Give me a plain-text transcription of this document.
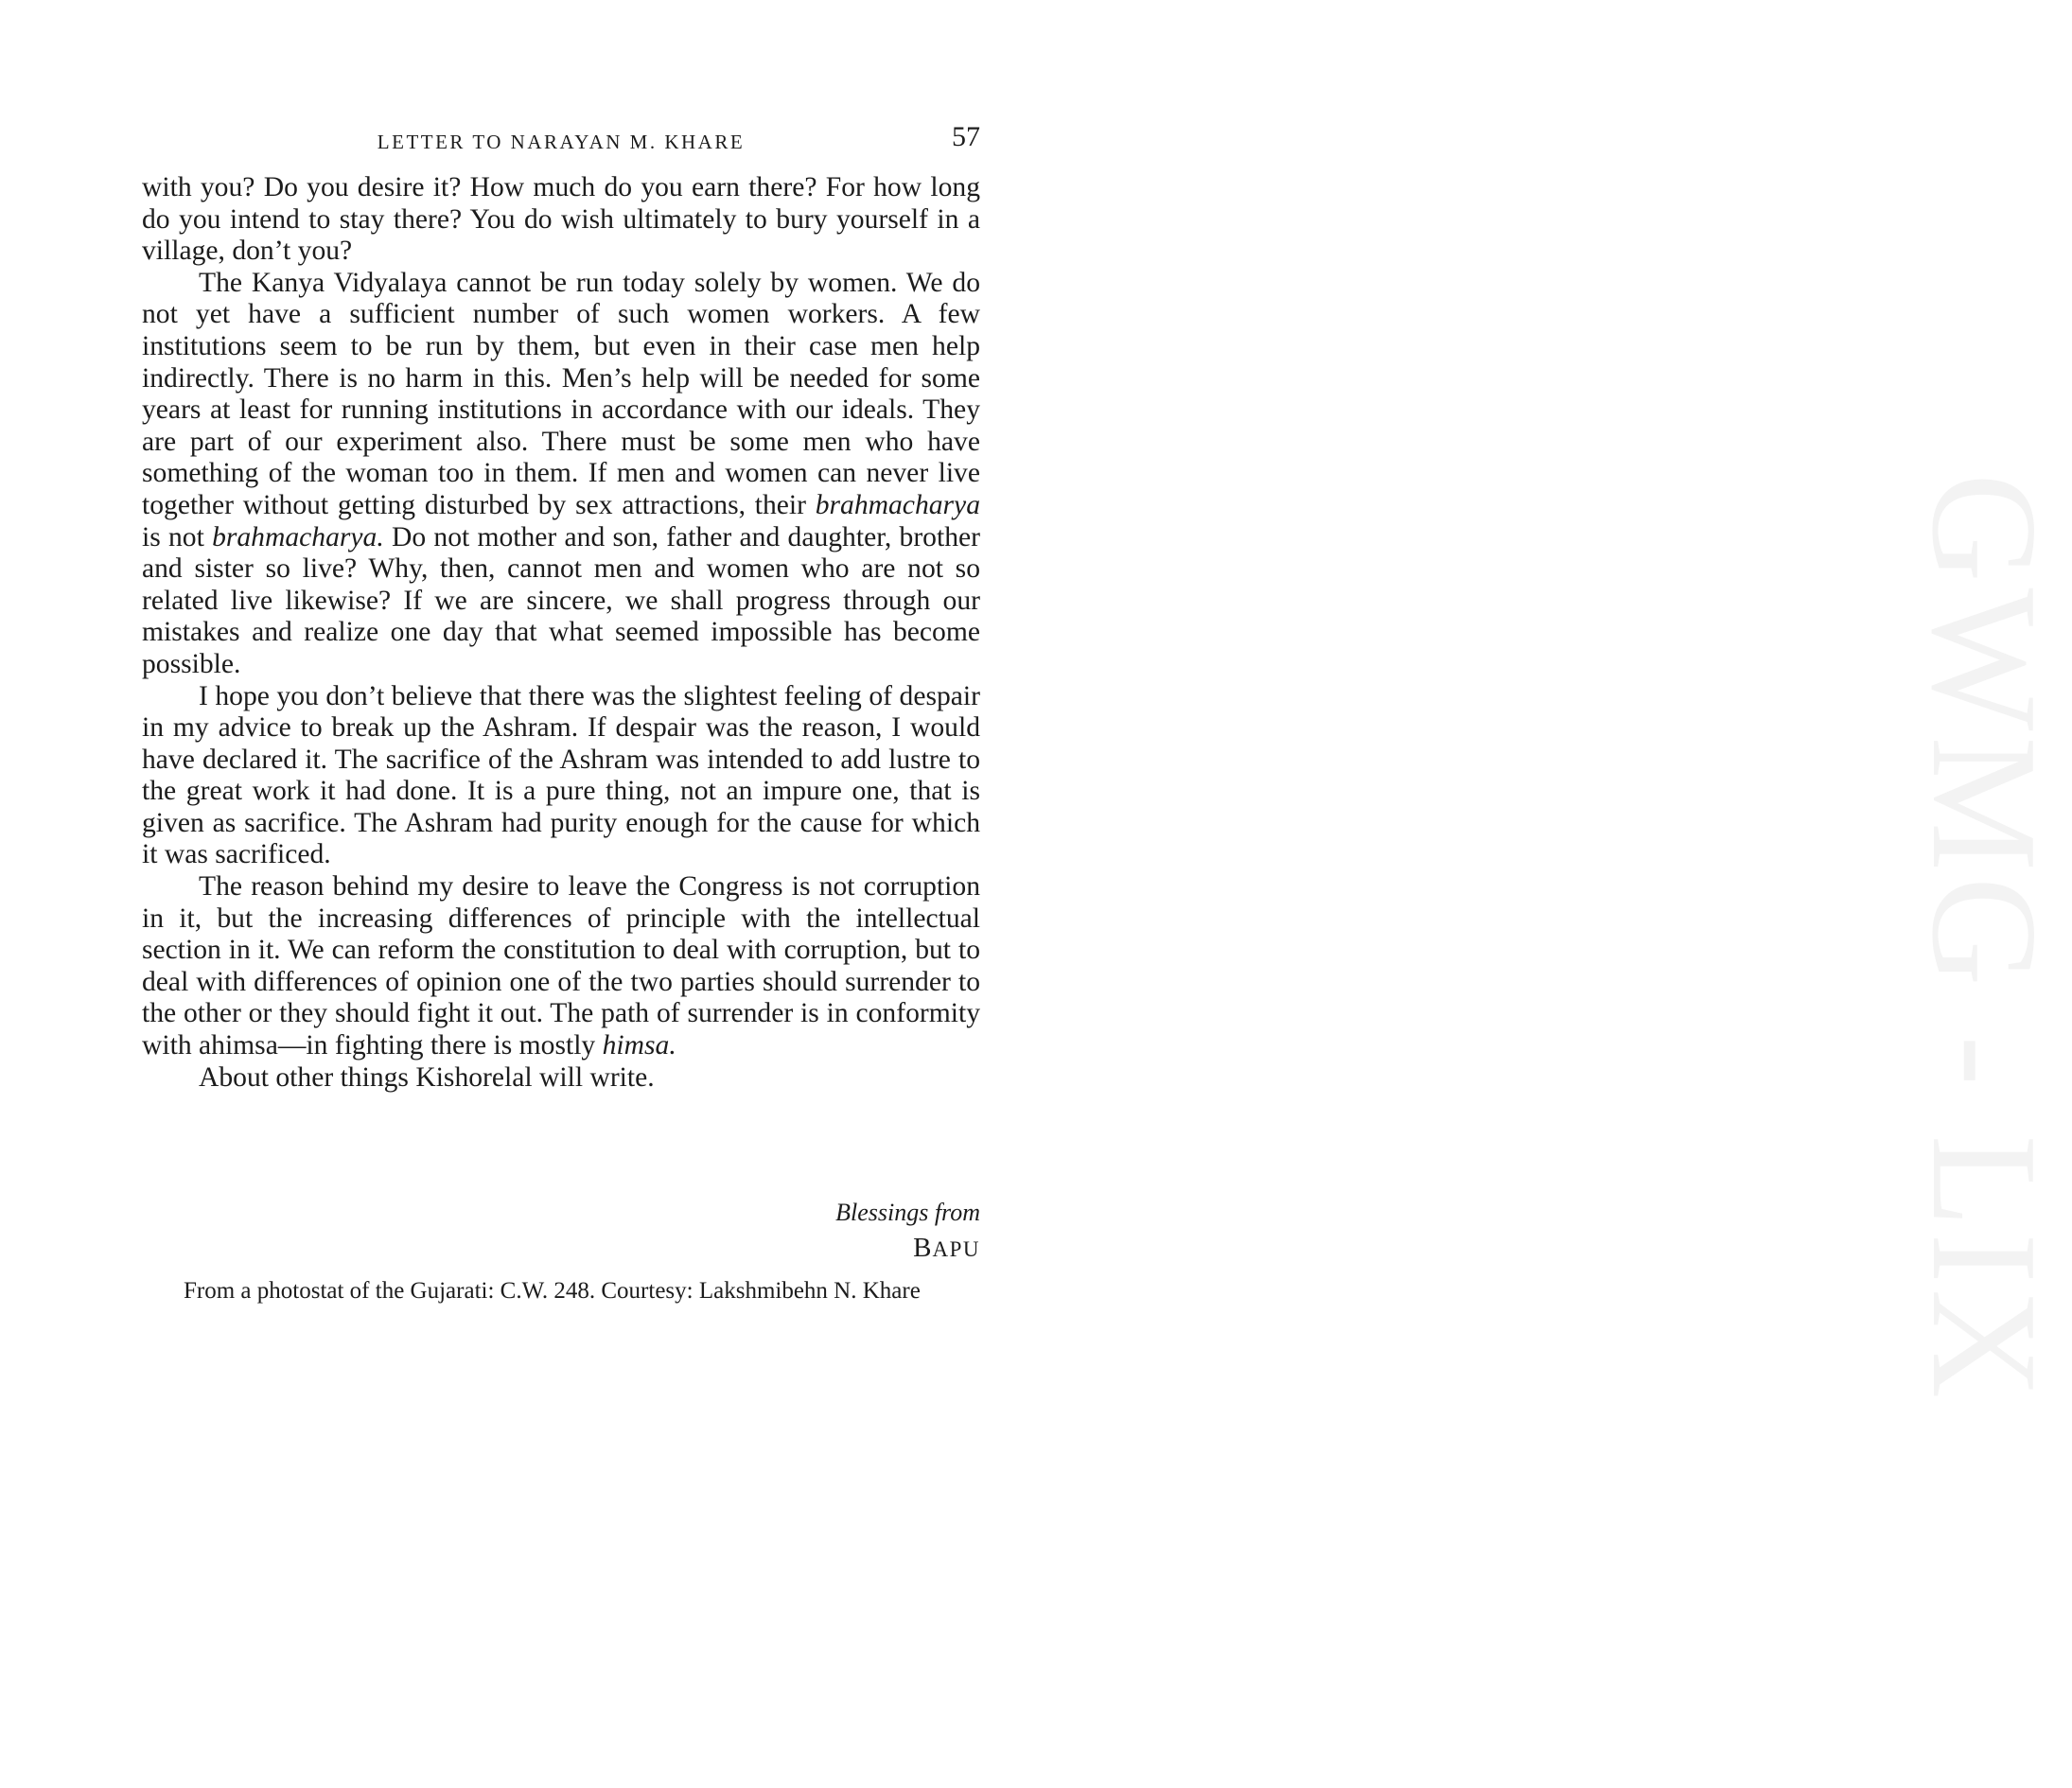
GWMG - LIX
LETTER TO NARAYAN M. KHARE	57

with you? Do you desire it? How much do you earn there? For how long do you intend to stay there? You do wish ultimately to bury yourself in a village, don’t you?

The Kanya Vidyalaya cannot be run today solely by women. We do not yet have a sufficient number of such women workers. A few institutions seem to be run by them, but even in their case men help indirectly. There is no harm in this. Men’s help will be needed for some years at least for running institutions in accordance with our ideals. They are part of our experiment also. There must be some men who have something of the woman too in them. If men and women can never live together without getting disturbed by sex attractions, their brahmacharya is not brahmacharya. Do not mother and son, father and daughter, brother and sister so live? Why, then, cannot men and women who are not so related live likewise? If we are sincere, we shall progress through our mistakes and realize one day that what seemed impossible has become possible.

I hope you don’t believe that there was the slightest feeling of despair in my advice to break up the Ashram. If despair was the reason, I would have declared it. The sacrifice of the Ashram was intended to add lustre to the great work it had done. It is a pure thing, not an impure one, that is given as sacrifice. The Ashram had purity enough for the cause for which it was sacrificed.

The reason behind my desire to leave the Congress is not corruption in it, but the increasing differences of principle with the intellectual section in it. We can reform the constitution to deal with corruption, but to deal with differences of opinion one of the two parties should surrender to the other or they should fight it out. The path of surrender is in conformity with ahimsa—in fighting there is mostly himsa.

About other things Kishorelal will write.

Blessings from
BAPU

From a photostat of the Gujarati: C.W. 248. Courtesy: Lakshmibehn N. Khare
